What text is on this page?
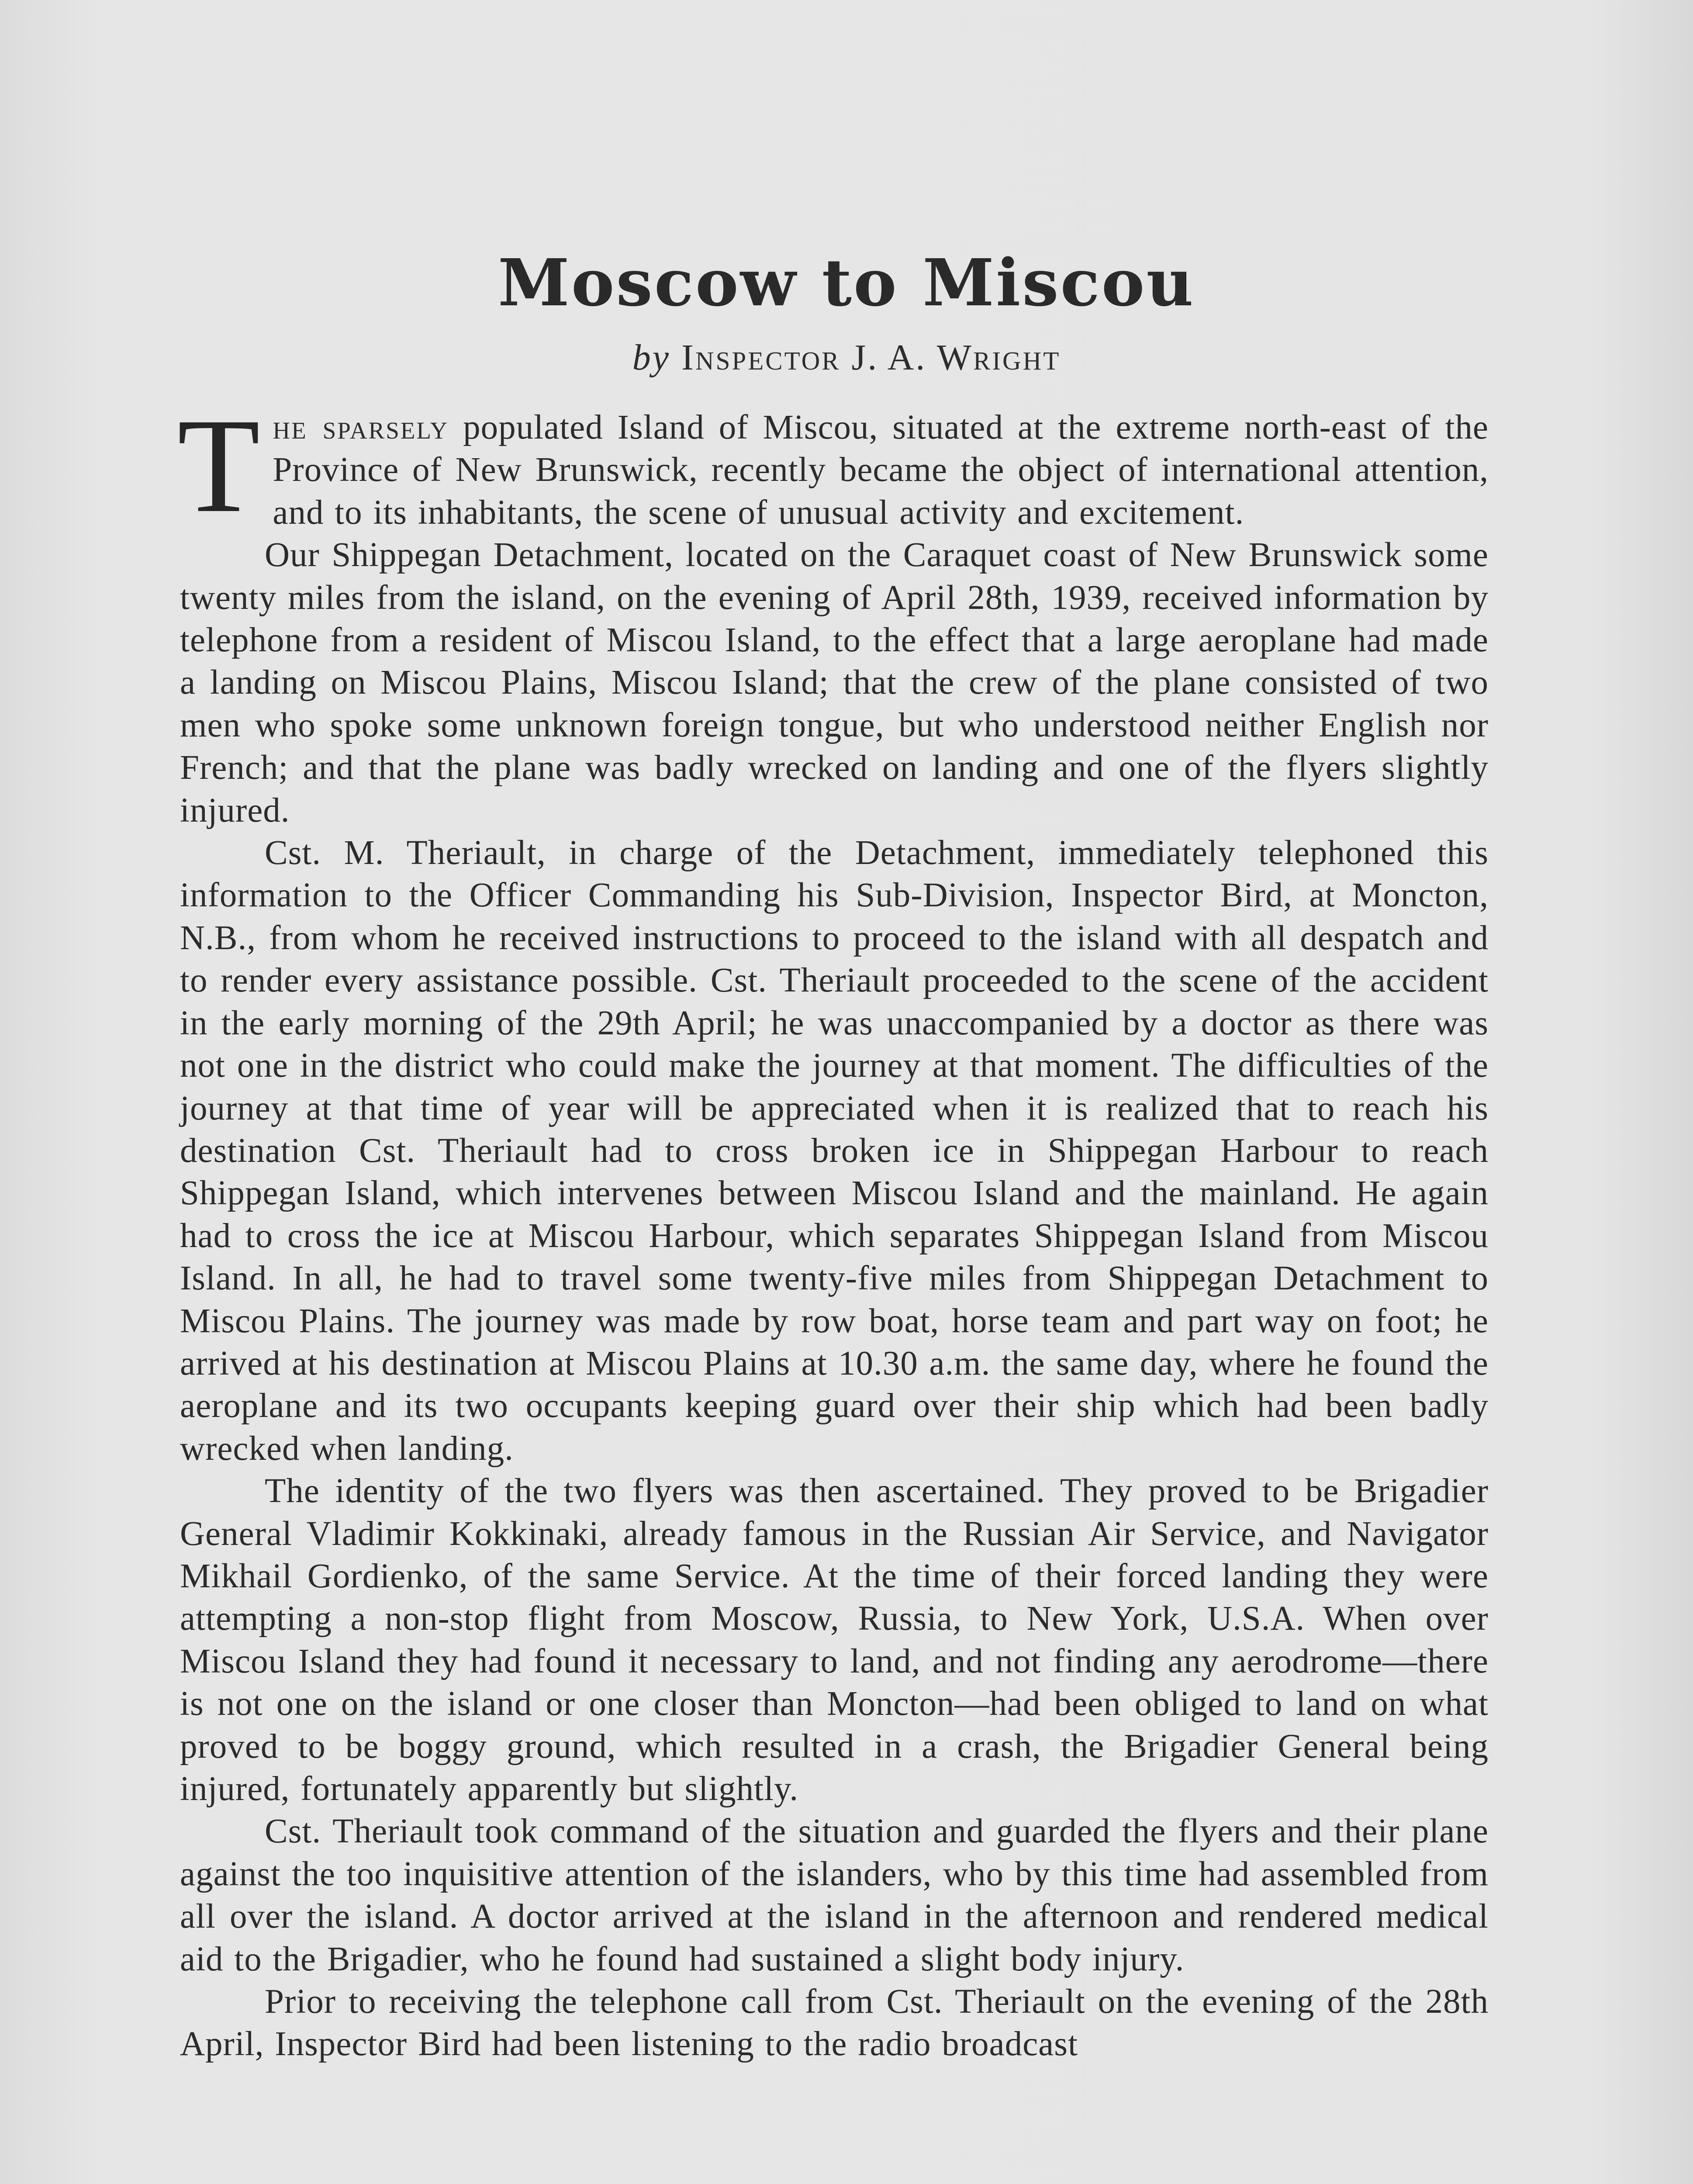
Moscow to Miscou
by Inspector J. A. Wright

The sparsely populated Island of Miscou, situated at the extreme north-east of the Province of New Brunswick, recently became the object of international attention, and to its inhabitants, the scene of unusual activity and excitement.

Our Shippegan Detachment, located on the Caraquet coast of New Brunswick some twenty miles from the island, on the evening of April 28th, 1939, received information by telephone from a resident of Miscou Island, to the effect that a large aeroplane had made a landing on Miscou Plains, Miscou Island; that the crew of the plane consisted of two men who spoke some unknown foreign tongue, but who understood neither English nor French; and that the plane was badly wrecked on landing and one of the flyers slightly injured.

Cst. M. Theriault, in charge of the Detachment, immediately telephoned this information to the Officer Commanding his Sub-Division, Inspector Bird, at Moncton, N.B., from whom he received instructions to proceed to the island with all despatch and to render every assistance possible. Cst. Theriault proceeded to the scene of the accident in the early morning of the 29th April; he was unaccompanied by a doctor as there was not one in the district who could make the journey at that moment. The difficulties of the journey at that time of year will be appreciated when it is realized that to reach his destination Cst. Theriault had to cross broken ice in Shippegan Harbour to reach Shippegan Island, which intervenes between Miscou Island and the mainland. He again had to cross the ice at Miscou Harbour, which separates Shippegan Island from Miscou Island. In all, he had to travel some twenty-five miles from Shippegan Detachment to Miscou Plains. The journey was made by row boat, horse team and part way on foot; he arrived at his destination at Miscou Plains at 10.30 a.m. the same day, where he found the aeroplane and its two occupants keeping guard over their ship which had been badly wrecked when landing.

The identity of the two flyers was then ascertained. They proved to be Brigadier General Vladimir Kokkinaki, already famous in the Russian Air Service, and Navigator Mikhail Gordienko, of the same Service. At the time of their forced landing they were attempting a non-stop flight from Moscow, Russia, to New York, U.S.A. When over Miscou Island they had found it necessary to land, and not finding any aerodrome—there is not one on the island or one closer than Moncton—had been obliged to land on what proved to be boggy ground, which resulted in a crash, the Brigadier General being injured, fortunately apparently but slightly.

Cst. Theriault took command of the situation and guarded the flyers and their plane against the too inquisitive attention of the islanders, who by this time had assembled from all over the island. A doctor arrived at the island in the afternoon and rendered medical aid to the Brigadier, who he found had sustained a slight body injury.

Prior to receiving the telephone call from Cst. Theriault on the evening of the 28th April, Inspector Bird had been listening to the radio broadcast
